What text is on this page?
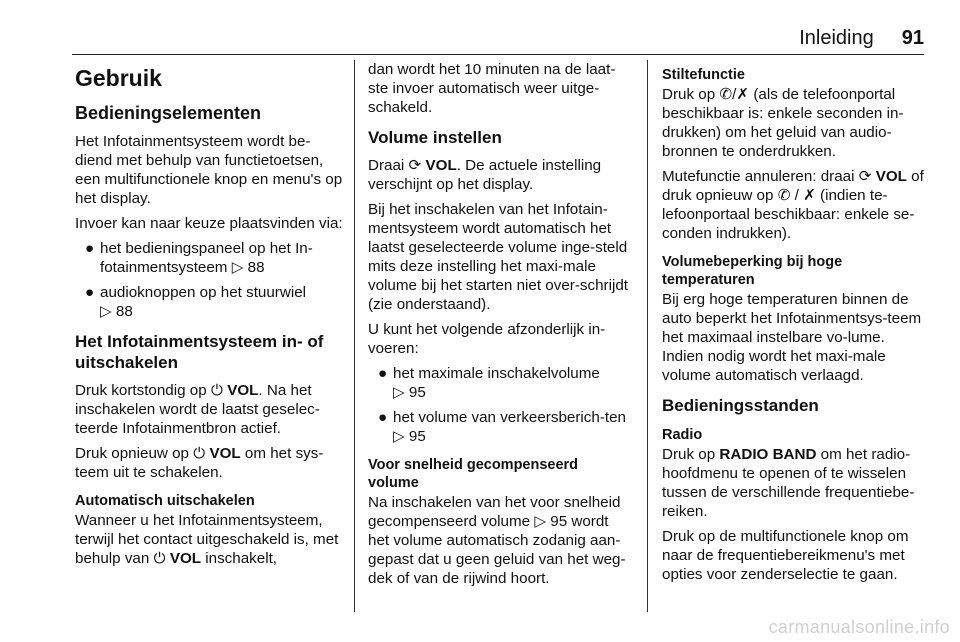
Inleiding 91
Gebruik
Bedieningselementen

Het Infotainmentsysteem wordt be-diend met behulp van functietoetsen, een multifunctionele knop en menu's op het display.

Invoer kan naar keuze plaatsvinden via:

● het bedieningspaneel op het In-fotainmentsysteem ▷ 88
● audioknoppen op het stuurwiel
▷ 88
Het Infotainmentsysteem in- of uitschakelen

Druk kortstondig op ⏻ VOL. Na het inschakelen wordt de laatst geselec-teerde Infotainmentbron actief.

Druk opnieuw op ⏻ VOL om het sys-teem uit te schakelen.

Automatisch uitschakelen

Wanneer u het Infotainmentsysteem, terwijl het contact uitgeschakeld is, met behulp van ⏻ VOL inschakelt,

dan wordt het 10 minuten na de laat-ste invoer automatisch weer uitge-schakeld.

Volume instellen

Draai ⟳ VOL. De actuele instelling verschijnt op het display.

Bij het inschakelen van het Infotain-mentsysteem wordt automatisch het laatst geselecteerde volume inge-steld mits deze instelling het maxi-male volume bij het starten niet over-schrijdt (zie onderstaand).

U kunt het volgende afzonderlijk in-voeren:

● het maximale inschakelvolume
▷ 95
● het volume van verkeersberich-ten ▷ 95
Voor snelheid gecompenseerd volume

Na inschakelen van het voor snelheid gecompenseerd volume ▷ 95 wordt het volume automatisch zodanig aan-gepast dat u geen geluid van het weg-dek of van de rijwind hoort.

Stiltefunctie

Druk op ✆/✗ (als de telefoonportal beschikbaar is: enkele seconden in-drukken) om het geluid van audio-bronnen te onderdrukken.

Mutefunctie annuleren: draai ⟳ VOL of druk opnieuw op ✆ / ✗ (indien te-lefoonportaal beschikbaar: enkele se-conden indrukken).

Volumebeperking bij hoge temperaturen

Bij erg hoge temperaturen binnen de auto beperkt het Infotainmentsys-teem het maximaal instelbare vo-lume. Indien nodig wordt het maxi-male volume automatisch verlaagd.

Bedieningsstanden
Radio

Druk op RADIO BAND om het radio-hoofdmenu te openen of te wisselen tussen de verschillende frequentiebe-reiken.

Druk op de multifunctionele knop om naar de frequentiebereikmenu's met opties voor zenderselectie te gaan.

carmanualsonline.info
